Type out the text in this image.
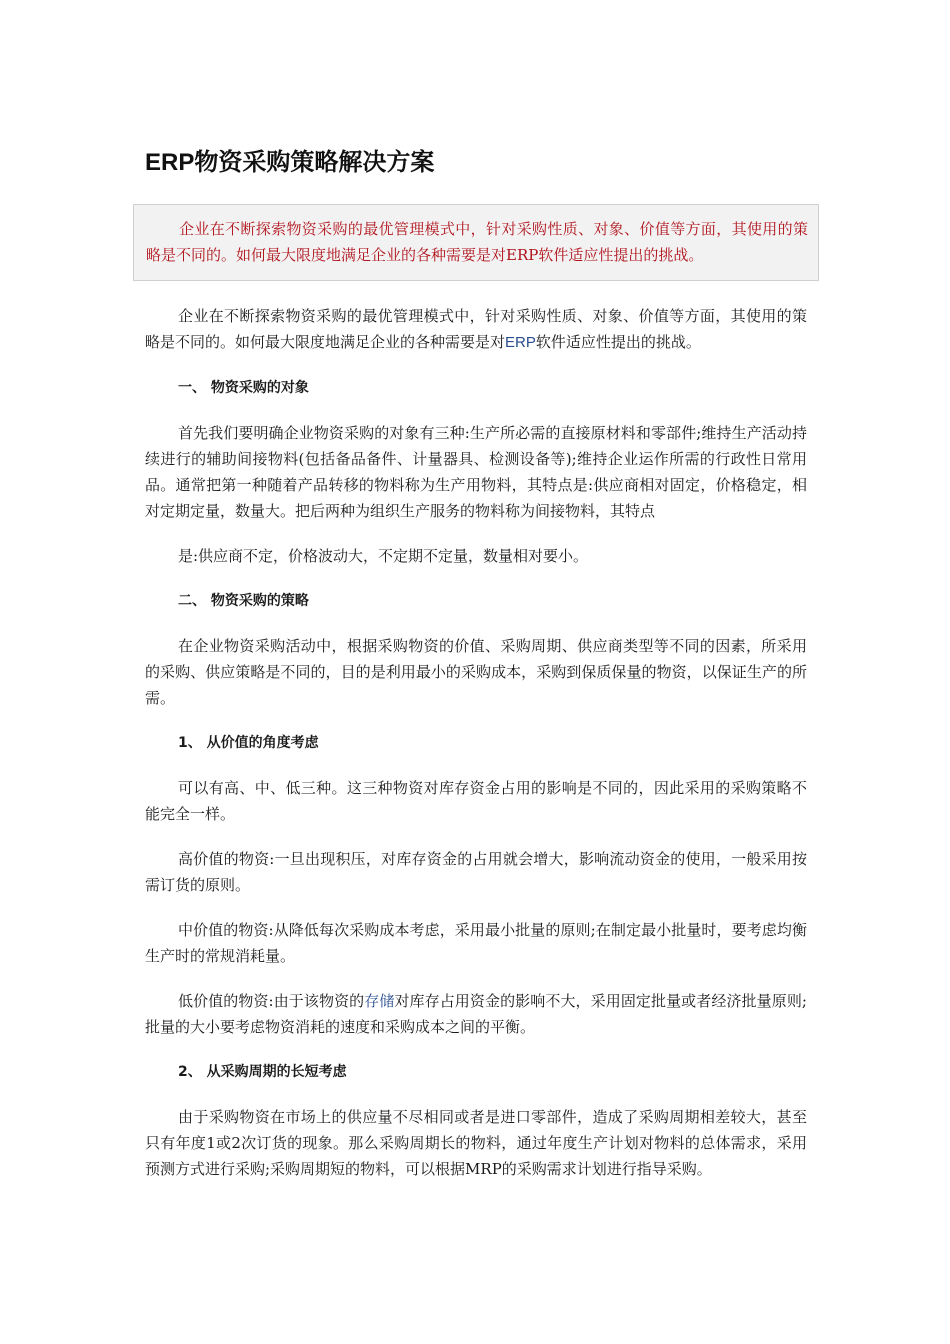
ERP物资采购策略解决方案

企业在不断探索物资采购的最优管理模式中，针对采购性质、对象、价值等方面，其使用的策略是不同的。如何最大限度地满足企业的各种需要是对ERP软件适应性提出的挑战。

企业在不断探索物资采购的最优管理模式中，针对采购性质、对象、价值等方面，其使用的策略是不同的。如何最大限度地满足企业的各种需要是对ERP软件适应性提出的挑战。

一、 物资采购的对象

首先我们要明确企业物资采购的对象有三种:生产所必需的直接原材料和零部件;维持生产活动持续进行的辅助间接物料(包括备品备件、计量器具、检测设备等);维持企业运作所需的行政性日常用品。通常把第一种随着产品转移的物料称为生产用物料，其特点是:供应商相对固定，价格稳定，相对定期定量，数量大。把后两种为组织生产服务的物料称为间接物料，其特点

是:供应商不定，价格波动大，不定期不定量，数量相对要小。

二、 物资采购的策略

在企业物资采购活动中，根据采购物资的价值、采购周期、供应商类型等不同的因素，所采用的采购、供应策略是不同的，目的是利用最小的采购成本，采购到保质保量的物资，以保证生产的所需。

1、 从价值的角度考虑

可以有高、中、低三种。这三种物资对库存资金占用的影响是不同的，因此采用的采购策略不能完全一样。

高价值的物资:一旦出现积压，对库存资金的占用就会增大，影响流动资金的使用，一般采用按需订货的原则。

中价值的物资:从降低每次采购成本考虑，采用最小批量的原则;在制定最小批量时，要考虑均衡生产时的常规消耗量。

低价值的物资:由于该物资的存储对库存占用资金的影响不大，采用固定批量或者经济批量原则;批量的大小要考虑物资消耗的速度和采购成本之间的平衡。

2、 从采购周期的长短考虑

由于采购物资在市场上的供应量不尽相同或者是进口零部件，造成了采购周期相差较大，甚至只有年度1或2次订货的现象。那么采购周期长的物料，通过年度生产计划对物料的总体需求，采用预测方式进行采购;采购周期短的物料，可以根据MRP的采购需求计划进行指导采购。
